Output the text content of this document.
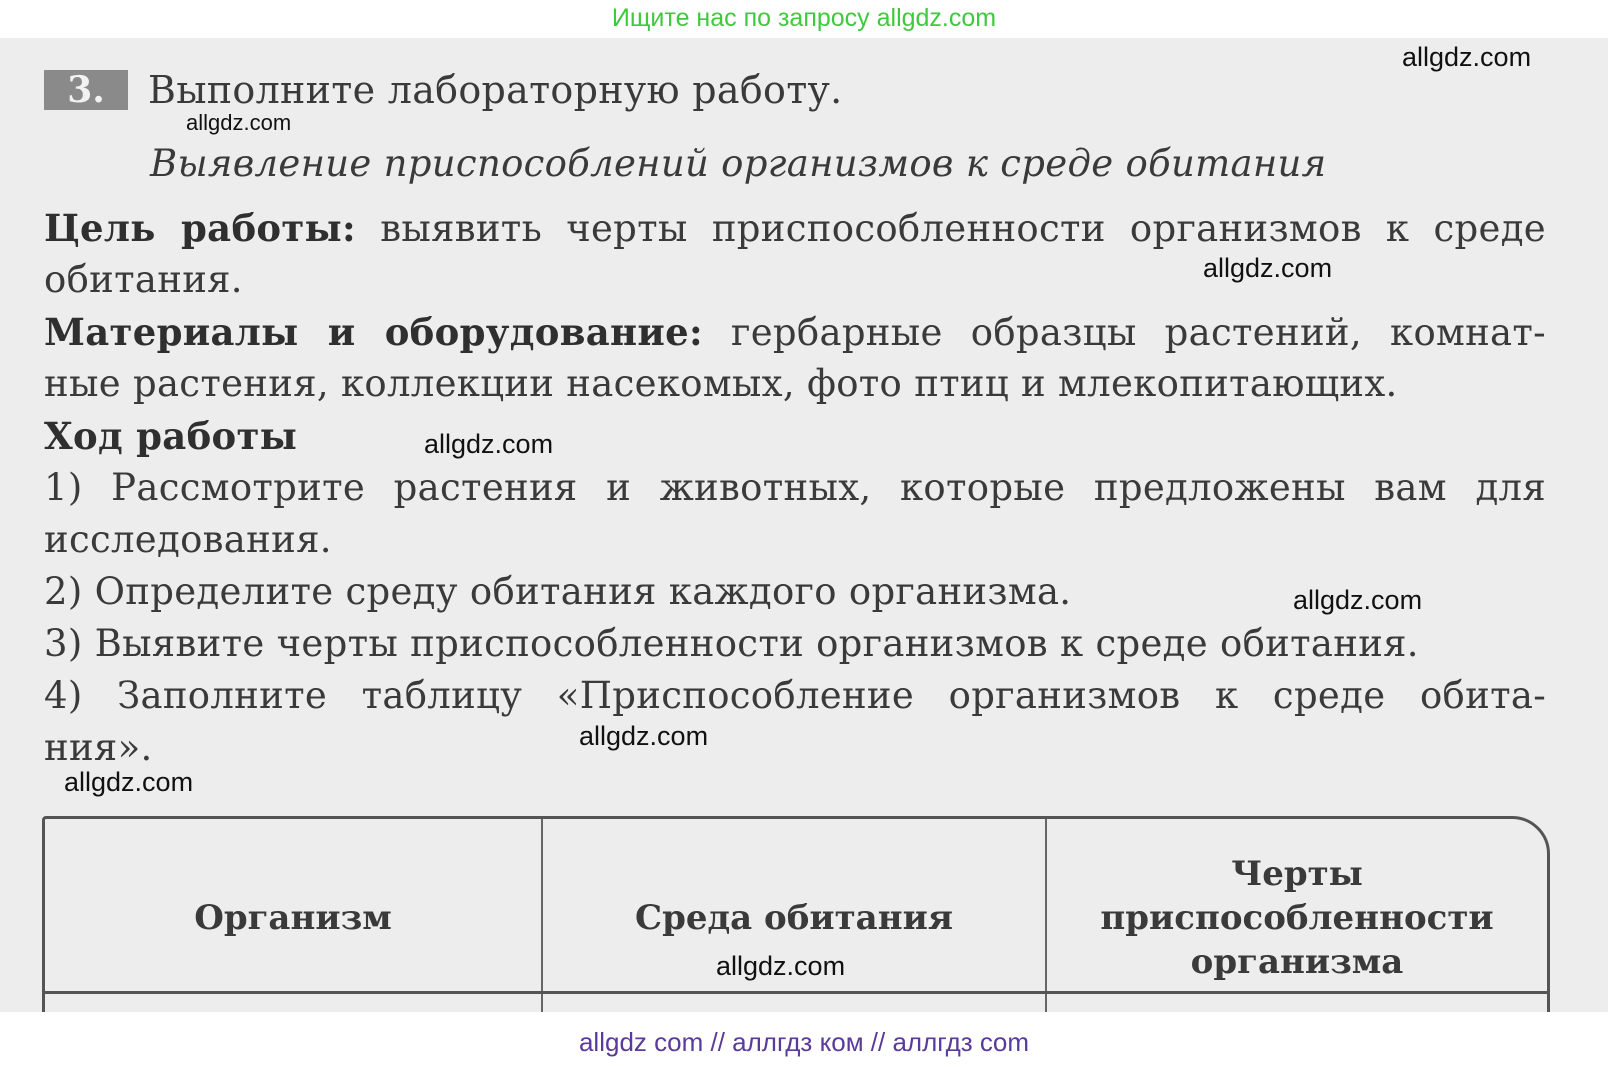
Ищите нас по запросу allgdz.com
3.	Выполните лабораторную работу.
Выявление приспособлений организмов к среде обитания
Цель работы: выявить черты приспособленности организмов к среде
обитания.
Материалы и оборудование: гербарные образцы растений, комнат-
ные растения, коллекции насекомых, фото птиц и млекопитающих.
Ход работы
1) Рассмотрите растения и животных, которые предложены вам для
исследования.
2) Определите среду обитания каждого организма.
3) Выявите черты приспособленности организмов к среде обитания.
4) Заполните таблицу «Приспособление организмов к среде обита-
ния».
Организм	Среда обитания
Черты приспособленности организма
allgdz.com
allgdz.com
allgdz.com
allgdz.com
allgdz.com
allgdz.com
allgdz.com
allgdz.com
allgdz com // аллгдз ком // аллгдз com
